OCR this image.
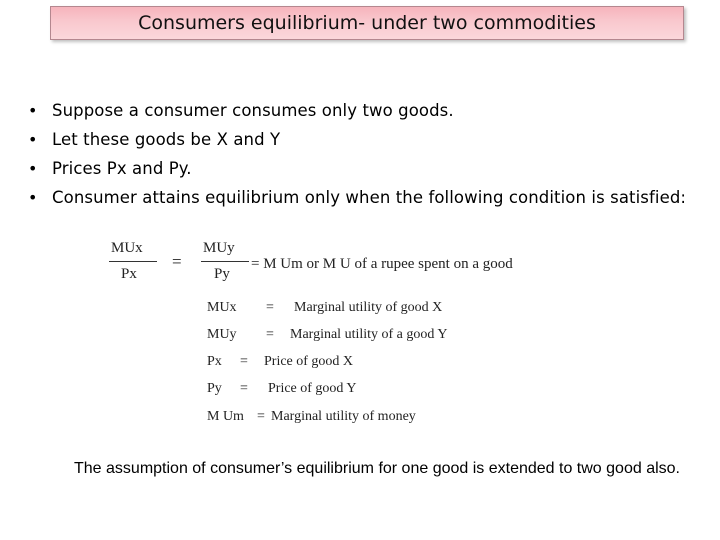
Consumers equilibrium- under two commodities
• Suppose a consumer consumes only two goods.
• Let these goods be X and Y
• Prices Px and Py.
• Consumer attains equilibrium only when the following condition is satisfied:
MUx
Px
=
MUy
Py
= M Um or M U of a rupee spent on a good
MUx = Marginal utility of good X
MUy = Marginal utility of a good Y
Px = Price of good X
Py = Price of good Y
M Um = Marginal utility of money
The assumption of consumer’s equilibrium for one good is extended to two good also.
